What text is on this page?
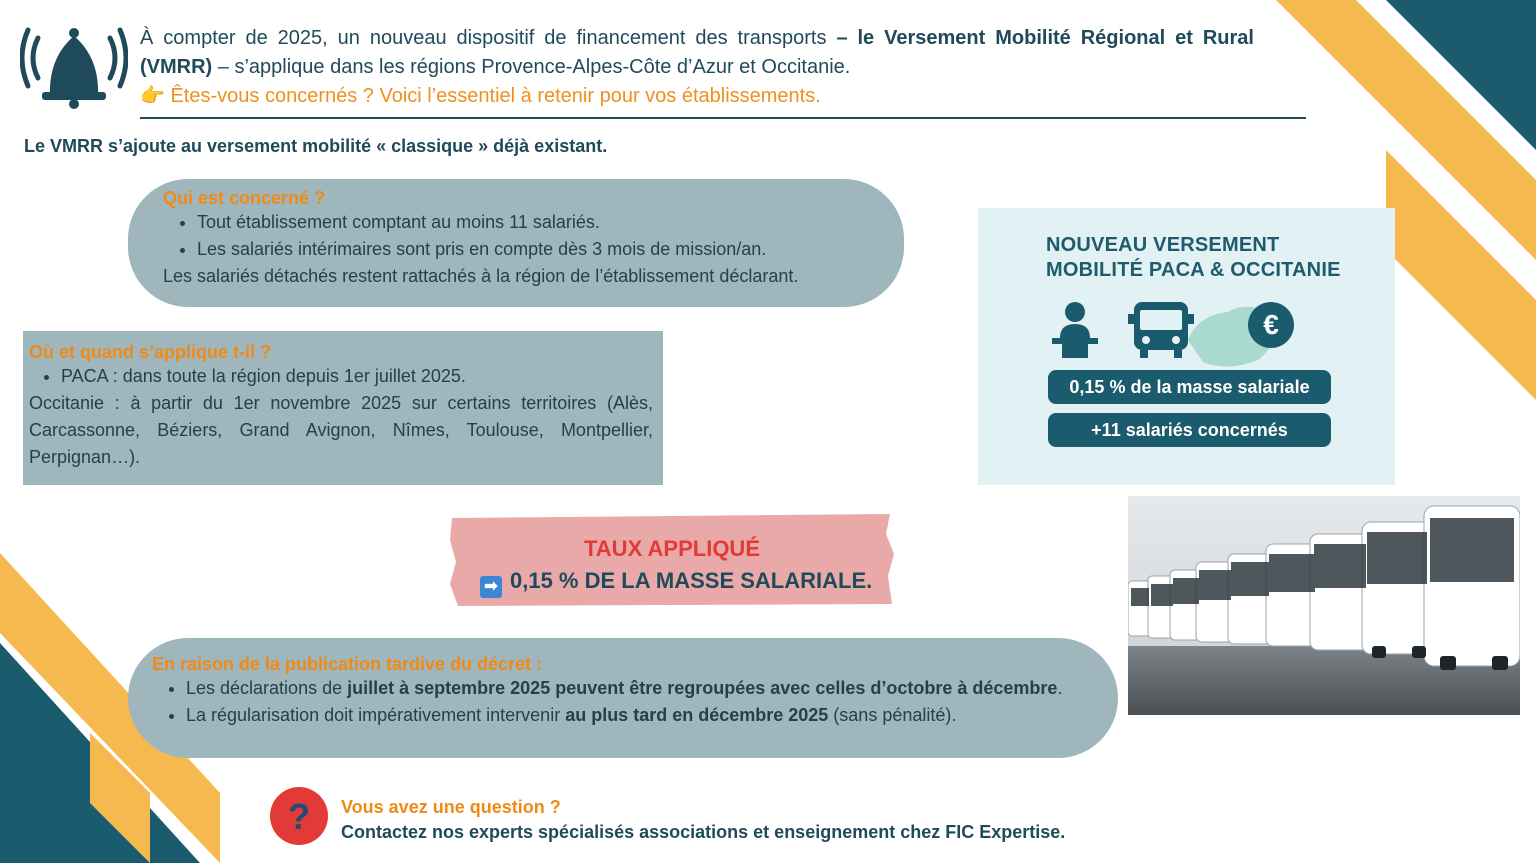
À compter de 2025, un nouveau dispositif de financement des transports – le Versement Mobilité Régional et Rural (VMRR) – s’applique dans les régions Provence-Alpes-Côte d’Azur et Occitanie.
👉 Êtes-vous concernés ? Voici l’essentiel à retenir pour vos établissements.
Le VMRR s’ajoute au versement mobilité « classique » déjà existant.
Qui est concerné ?
• Tout établissement comptant au moins 11 salariés.
• Les salariés intérimaires sont pris en compte dès 3 mois de mission/an.
Les salariés détachés restent rattachés à la région de l’établissement déclarant.
Où et quand s’applique t-il ?
• PACA : dans toute la région depuis 1er juillet 2025.
Occitanie : à partir du 1er novembre 2025 sur certains territoires (Alès, Carcassonne, Béziers, Grand Avignon, Nîmes, Toulouse, Montpellier, Perpignan…).
NOUVEAU VERSEMENT
MOBILITÉ PACA & OCCITANIE
€
0,15 % de la masse salariale
+11 salariés concernés
TAUX APPLIQUÉ
➡ 0,15 % DE LA MASSE SALARIALE.
En raison de la publication tardive du décret :
• Les déclarations de juillet à septembre 2025 peuvent être regroupées avec celles d’octobre à décembre.
• La régularisation doit impérativement intervenir au plus tard en décembre 2025 (sans pénalité).
? Vous avez une question ?
Contactez nos experts spécialisés associations et enseignement chez FIC Expertise.
